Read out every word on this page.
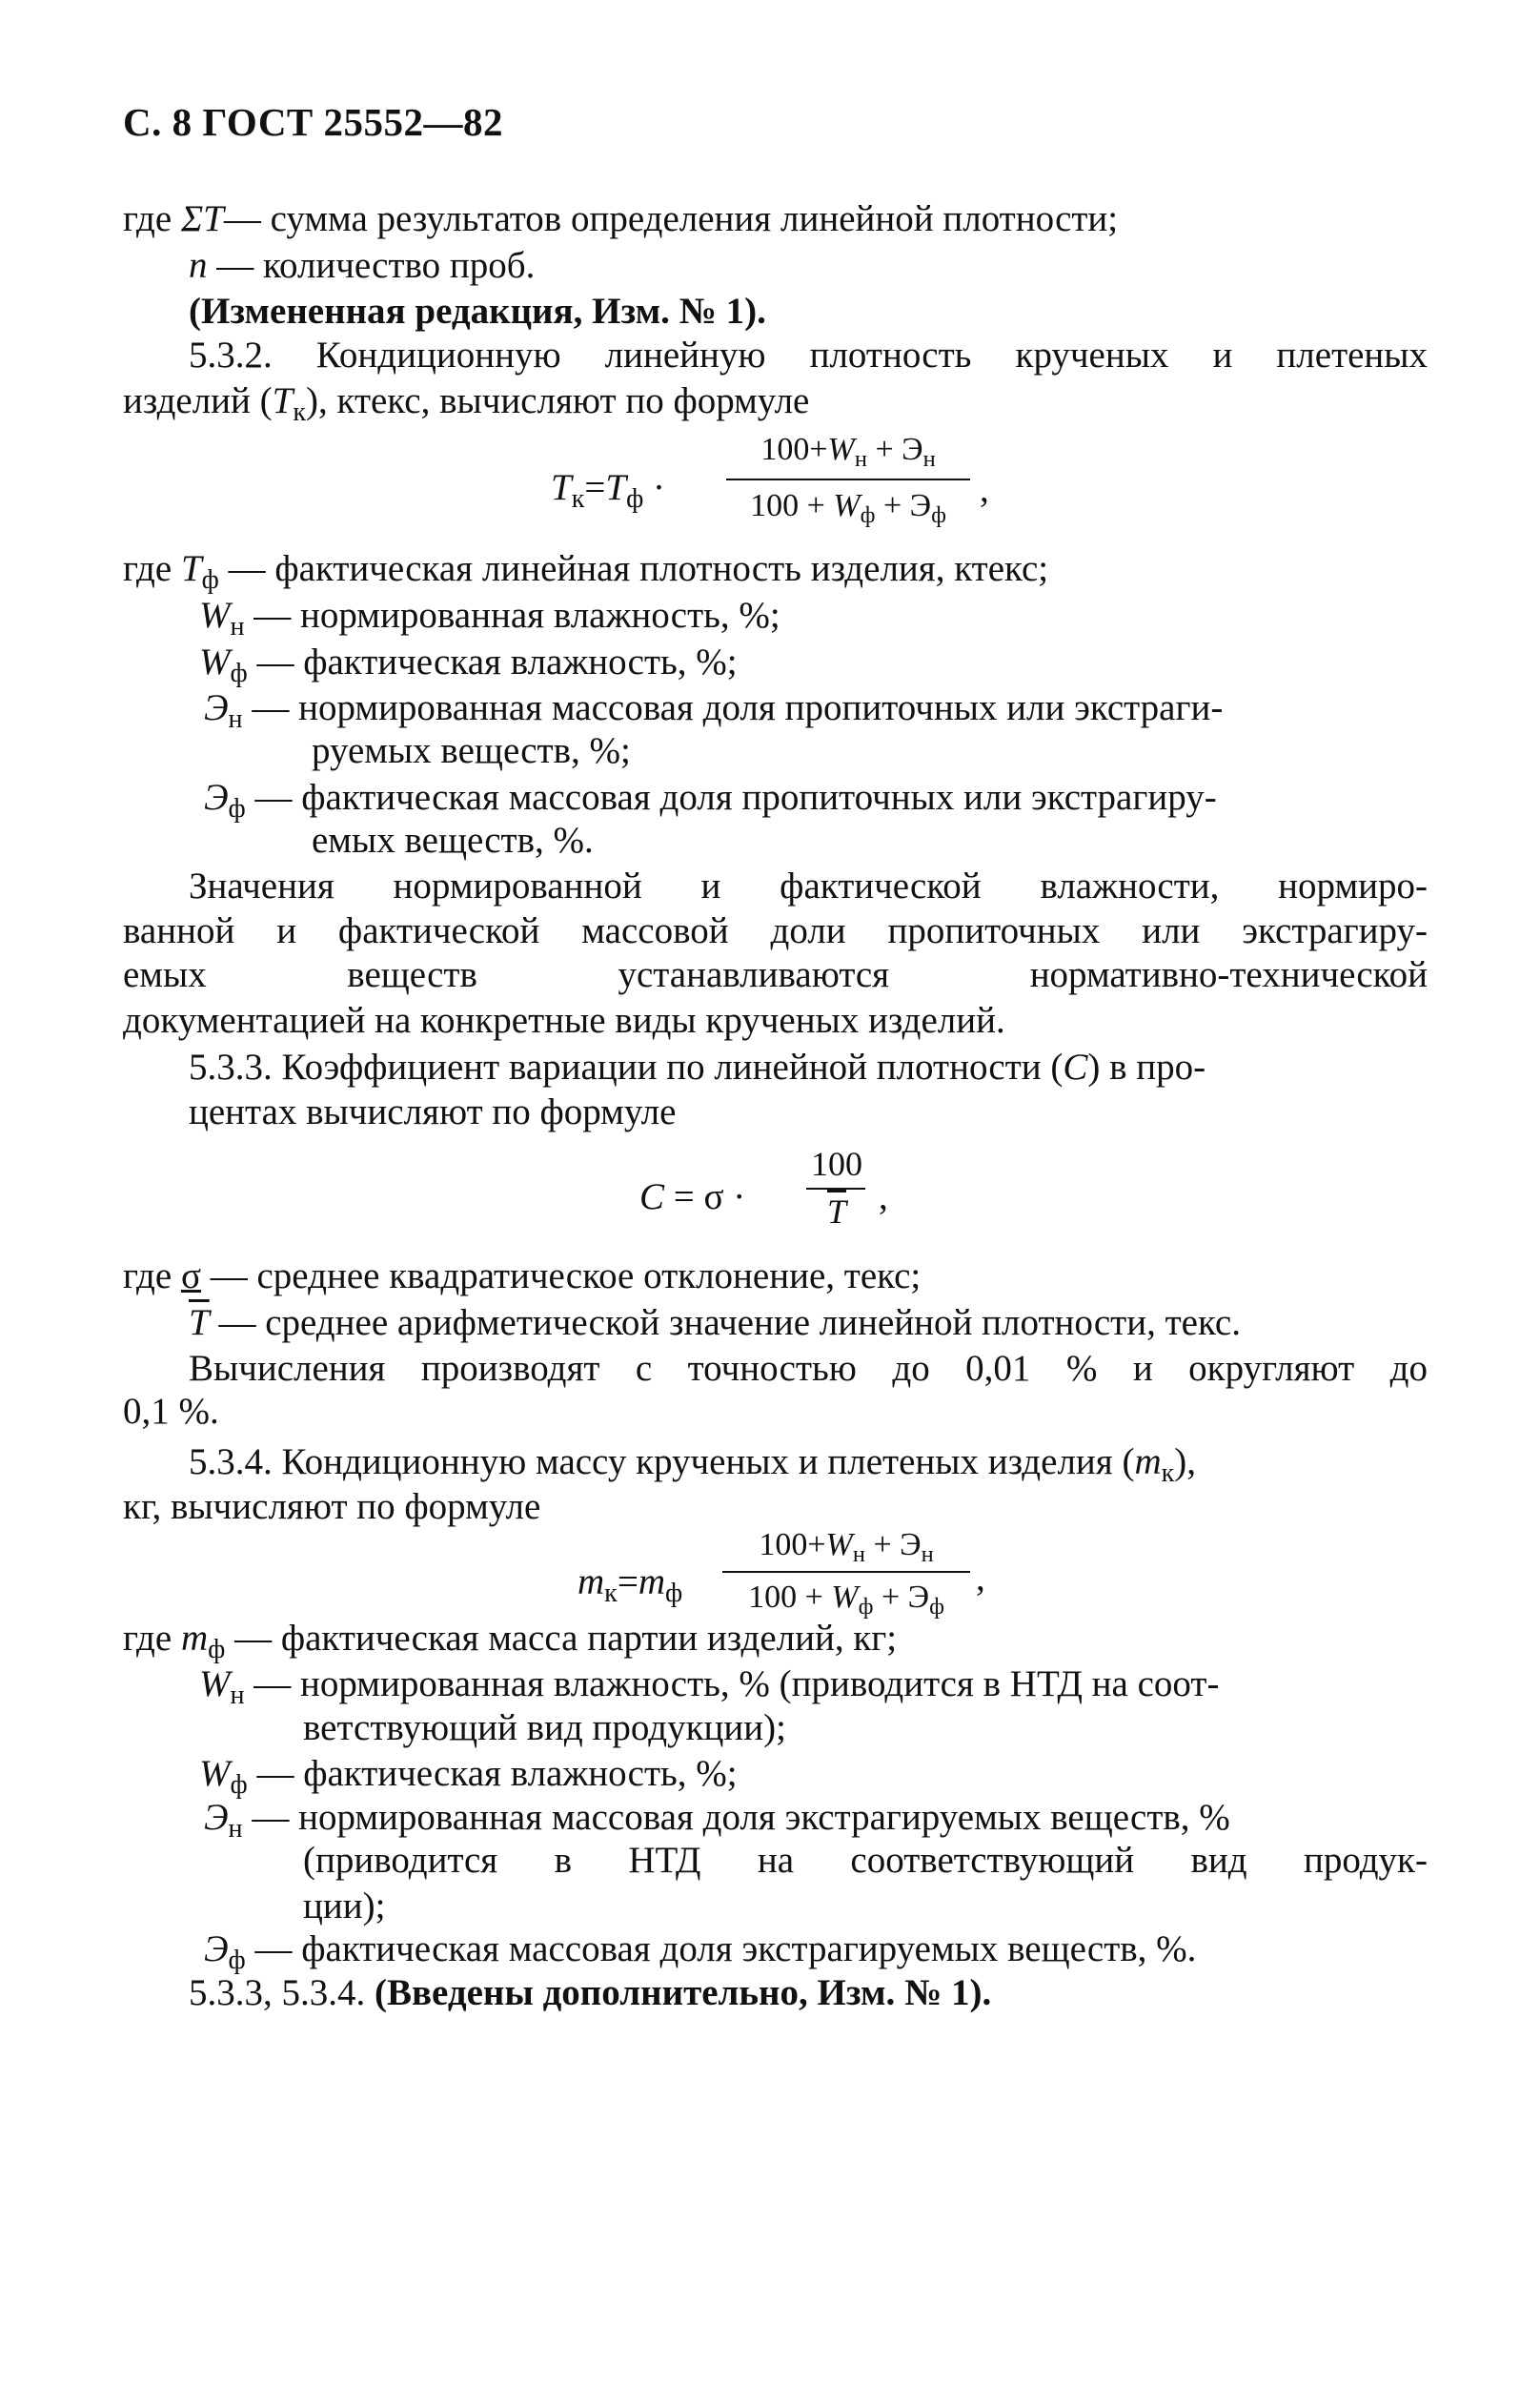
С. 8 ГОСТ 25552—82
где ΣT— сумма результатов определения линейной плотности;
n — количество проб.
(Измененная редакция, Изм. № 1).
5.3.2. Кондиционную линейную плотность крученых и плетеных
изделий $(T_к)$, ктекс, вычисляют по формуле
$T_к=T_ф$ ·
$100+W_н + Э_н$
$100 + W_ф + Э_ф$
,
где $T_ф$ — фактическая линейная плотность изделия, ктекс;
$W_н$ — нормированная влажность, %;
$W_ф$ — фактическая влажность, %;
$Э_н$ — нормированная массовая доля пропиточных или экстраги-
руемых веществ, %;
$Э_ф$ — фактическая массовая доля пропиточных или экстрагиру-
емых веществ, %.
Значения нормированной и фактической влажности, нормиро-
ванной и фактической массовой доли пропиточных или экстрагиру-
емых веществ устанавливаются нормативно-технической
документацией на конкретные виды крученых изделий.
5.3.3. Коэффициент вариации по линейной плотности (C) в про-
центах вычисляют по формуле
C = σ ·
100
$\overline{T}$ ,
где σ — среднее квадратическое отклонение, текс;
$\overline{T}$ — среднее арифметической значение линейной плотности, текс.
Вычисления производят с точностью до 0,01 % и округляют до
0,1 %.
5.3.4. Кондиционную массу крученых и плетеных изделия $(m_к)$,
кг, вычисляют по формуле
$m_к=m_ф$
$100+W_н + Э_н$
$100 + W_ф + Э_ф$
,
где $m_ф$ — фактическая масса партии изделий, кг;
$W_н$ — нормированная влажность, % (приводится в НТД на соот-
ветствующий вид продукции);
$W_ф$ — фактическая влажность, %;
$Э_н$ — нормированная массовая доля экстрагируемых веществ, %
(приводится в НТД на соответствующий вид продук-
ции);
$Э_ф$ — фактическая массовая доля экстрагируемых веществ, %.
5.3.3, 5.3.4. (Введены дополнительно, Изм. № 1).
